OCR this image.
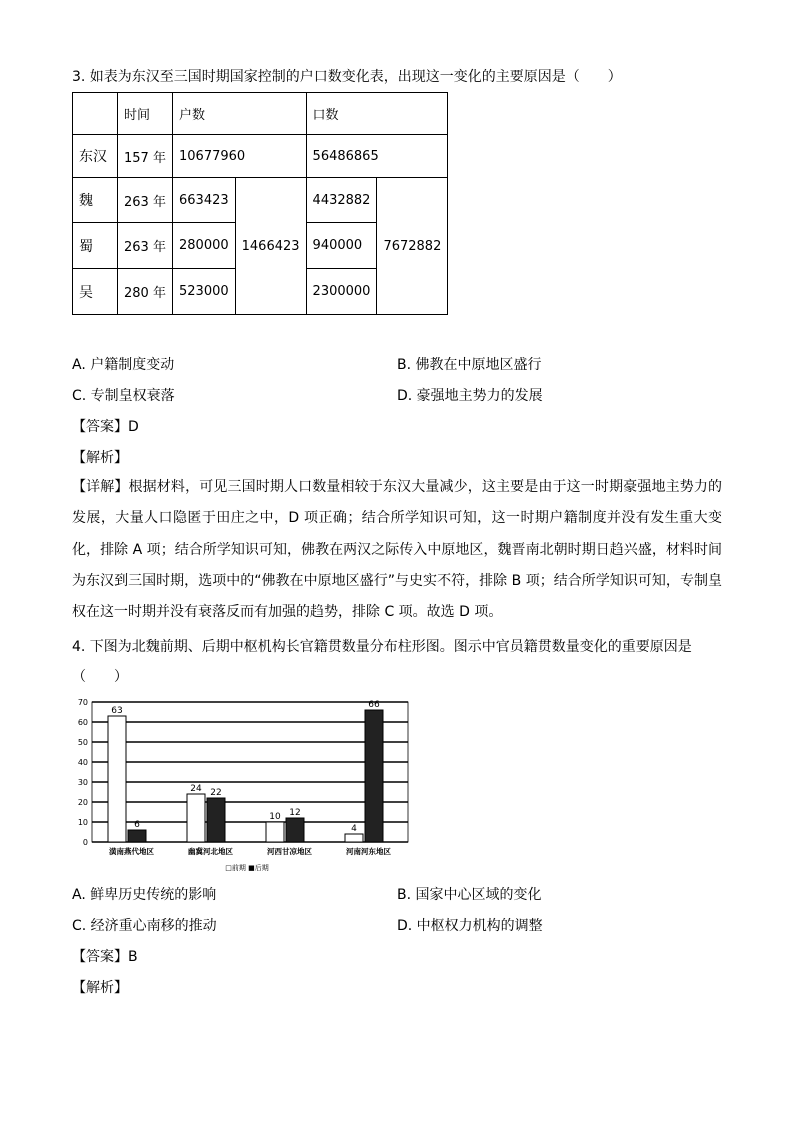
3. 如表为东汉至三国时期国家控制的户口数变化表，出现这一变化的主要原因是（　　）
	时间	户数		口数	
东汉	157 年	10677960		56486865	
魏	263 年	663423	1466423	4432882	7672882
蜀	263 年	280000		940000	
吴	280 年	523000		2300000	
A. 户籍制度变动	B. 佛教在中原地区盛行
C. 专制皇权衰落	D. 豪强地主势力的发展
【答案】D
【解析】
【详解】根据材料，可见三国时期人口数量相较于东汉大量减少，这主要是由于这一时期豪强地主势力的发展，大量人口隐匿于田庄之中，D 项正确；结合所学知识可知，这一时期户籍制度并没有发生重大变化，排除 A 项；结合所学知识可知，佛教在两汉之际传入中原地区，魏晋南北朝时期日趋兴盛，材料时间为东汉到三国时期，选项中的“佛教在中原地区盛行”与史实不符，排除 B 项；结合所学知识可知，专制皇权在这一时期并没有衰落反而有加强的趋势，排除 C 项。故选 D 项。
4. 下图为北魏前期、后期中枢机构长官籍贯数量分布柱形图。图示中官员籍贯数量变化的重要原因是
（　　）
0
10
20
30
40
50
60
70
63
6
潢南燕代地区
24 22
幽冀河北地区
10 12
河西甘凉地区
4
66
河南河东地区
□前期 ■后期
A. 鲜卑历史传统的影响	B. 国家中心区域的变化
C. 经济重心南移的推动	D. 中枢权力机构的调整
【答案】B
【解析】
